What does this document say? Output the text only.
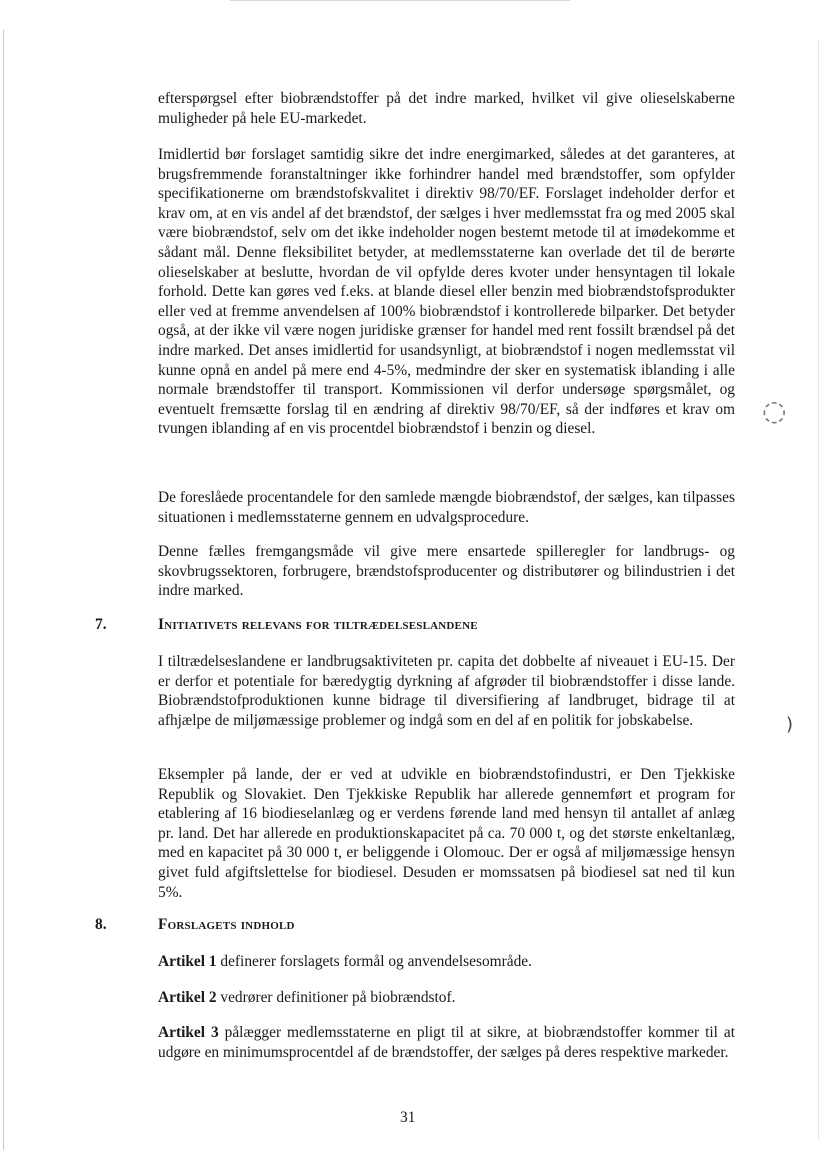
efterspørgsel efter biobrændstoffer på det indre marked, hvilket vil give olieselskaberne muligheder på hele EU-markedet.

Imidlertid bør forslaget samtidig sikre det indre energimarked, således at det garanteres, at brugsfremmende foranstaltninger ikke forhindrer handel med brændstoffer, som opfylder specifikationerne om brændstofskvalitet i direktiv 98/70/EF. Forslaget indeholder derfor et krav om, at en vis andel af det brændstof, der sælges i hver medlemsstat fra og med 2005 skal være biobrændstof, selv om det ikke indeholder nogen bestemt metode til at imødekomme et sådant mål. Denne fleksibilitet betyder, at medlemsstaterne kan overlade det til de berørte olieselskaber at beslutte, hvordan de vil opfylde deres kvoter under hensyntagen til lokale forhold. Dette kan gøres ved f.eks. at blande diesel eller benzin med biobrændstofsprodukter eller ved at fremme anvendelsen af 100% biobrændstof i kontrollerede bilparker. Det betyder også, at der ikke vil være nogen juridiske grænser for handel med rent fossilt brændsel på det indre marked. Det anses imidlertid for usandsynligt, at biobrændstof i nogen medlemsstat vil kunne opnå en andel på mere end 4-5%, medmindre der sker en systematisk iblanding i alle normale brændstoffer til transport. Kommissionen vil derfor undersøge spørgsmålet, og eventuelt fremsætte forslag til en ændring af direktiv 98/70/EF, så der indføres et krav om tvungen iblanding af en vis procentdel biobrændstof i benzin og diesel.

De foreslåede procentandele for den samlede mængde biobrændstof, der sælges, kan tilpasses situationen i medlemsstaterne gennem en udvalgsprocedure.

Denne fælles fremgangsmåde vil give mere ensartede spilleregler for landbrugs- og skovbrugssektoren, forbrugere, brændstofsproducenter og distributører og bilindustrien i det indre marked.

7.	Initiativets relevans for tiltrædelseslandene

I tiltrædelseslandene er landbrugsaktiviteten pr. capita det dobbelte af niveauet i EU-15. Der er derfor et potentiale for bæredygtig dyrkning af afgrøder til biobrændstoffer i disse lande. Biobrændstofproduktionen kunne bidrage til diversifiering af landbruget, bidrage til at afhjælpe de miljømæssige problemer og indgå som en del af en politik for jobskabelse.

Eksempler på lande, der er ved at udvikle en biobrændstofindustri, er Den Tjekkiske Republik og Slovakiet. Den Tjekkiske Republik har allerede gennemført et program for etablering af 16 biodieselanlæg og er verdens førende land med hensyn til antallet af anlæg pr. land. Det har allerede en produktionskapacitet på ca. 70 000 t, og det største enkeltanlæg, med en kapacitet på 30 000 t, er beliggende i Olomouc. Der er også af miljømæssige hensyn givet fuld afgiftslettelse for biodiesel. Desuden er momssatsen på biodiesel sat ned til kun 5%.

8.	Forslagets indhold

Artikel 1 definerer forslagets formål og anvendelsesområde.

Artikel 2 vedrører definitioner på biobrændstof.

Artikel 3 pålægger medlemsstaterne en pligt til at sikre, at biobrændstoffer kommer til at udgøre en minimumsprocentdel af de brændstoffer, der sælges på deres respektive markeder.

31

◌
)
